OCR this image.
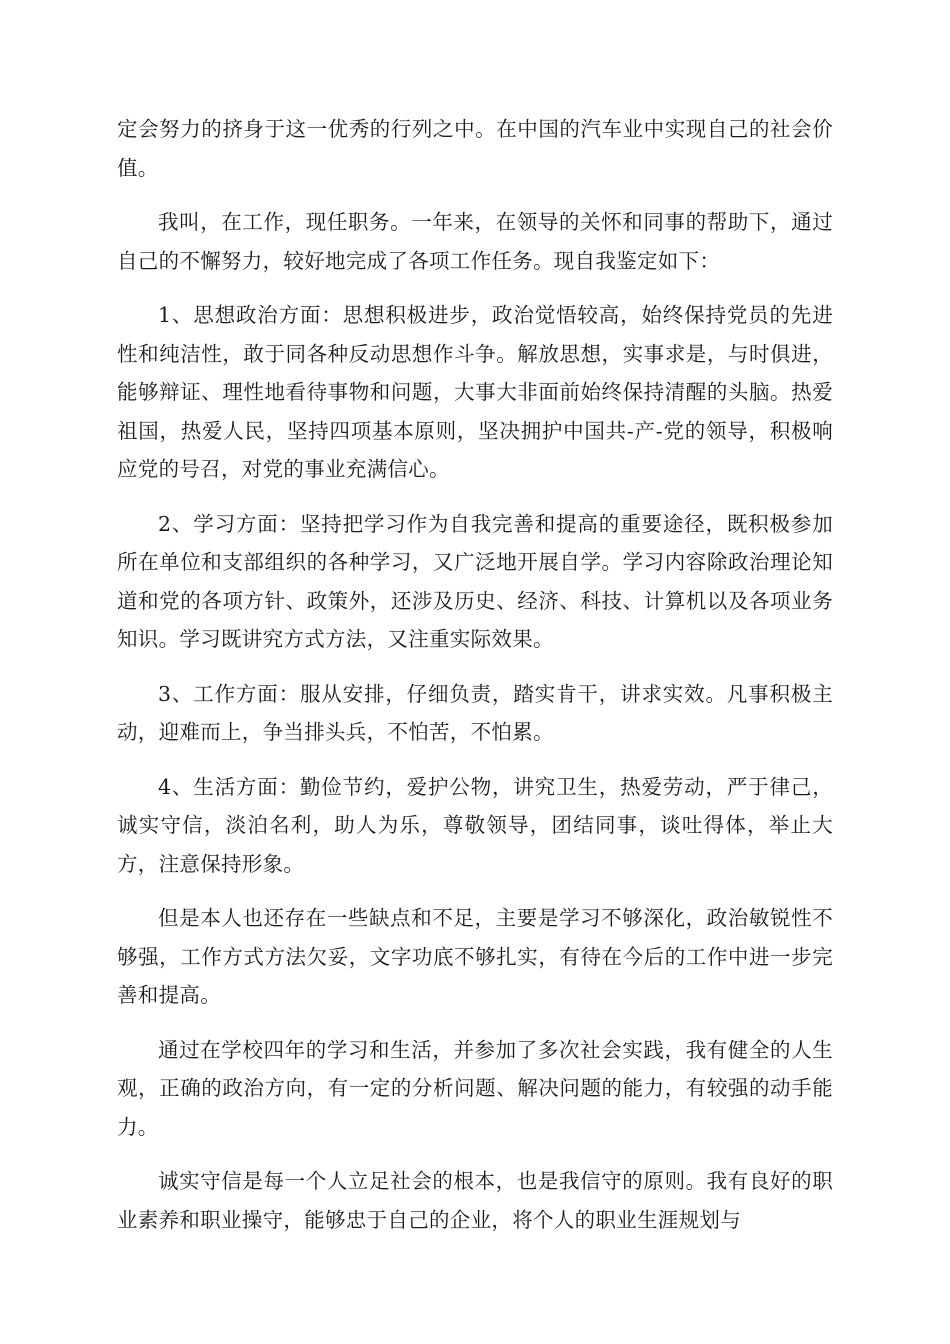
定会努力的挤身于这一优秀的行列之中。在中国的汽车业中实现自己的社会价值。

我叫，在工作，现任职务。一年来，在领导的关怀和同事的帮助下，通过自己的不懈努力，较好地完成了各项工作任务。现自我鉴定如下：

1、思想政治方面：思想积极进步，政治觉悟较高，始终保持党员的先进性和纯洁性，敢于同各种反动思想作斗争。解放思想，实事求是，与时俱进，能够辩证、理性地看待事物和问题，大事大非面前始终保持清醒的头脑。热爱祖国，热爱人民，坚持四项基本原则，坚决拥护中国共-产-党的领导，积极响应党的号召，对党的事业充满信心。

2、学习方面：坚持把学习作为自我完善和提高的重要途径，既积极参加所在单位和支部组织的各种学习，又广泛地开展自学。学习内容除政治理论知道和党的各项方针、政策外，还涉及历史、经济、科技、计算机以及各项业务知识。学习既讲究方式方法，又注重实际效果。

3、工作方面：服从安排，仔细负责，踏实肯干，讲求实效。凡事积极主动，迎难而上，争当排头兵，不怕苦，不怕累。

4、生活方面：勤俭节约，爱护公物，讲究卫生，热爱劳动，严于律己，诚实守信，淡泊名利，助人为乐，尊敬领导，团结同事，谈吐得体，举止大方，注意保持形象。

但是本人也还存在一些缺点和不足，主要是学习不够深化，政治敏锐性不够强，工作方式方法欠妥，文字功底不够扎实，有待在今后的工作中进一步完善和提高。

通过在学校四年的学习和生活，并参加了多次社会实践，我有健全的人生观，正确的政治方向，有一定的分析问题、解决问题的能力，有较强的动手能力。

诚实守信是每一个人立足社会的根本，也是我信守的原则。我有良好的职业素养和职业操守，能够忠于自己的企业，将个人的职业生涯规划与
